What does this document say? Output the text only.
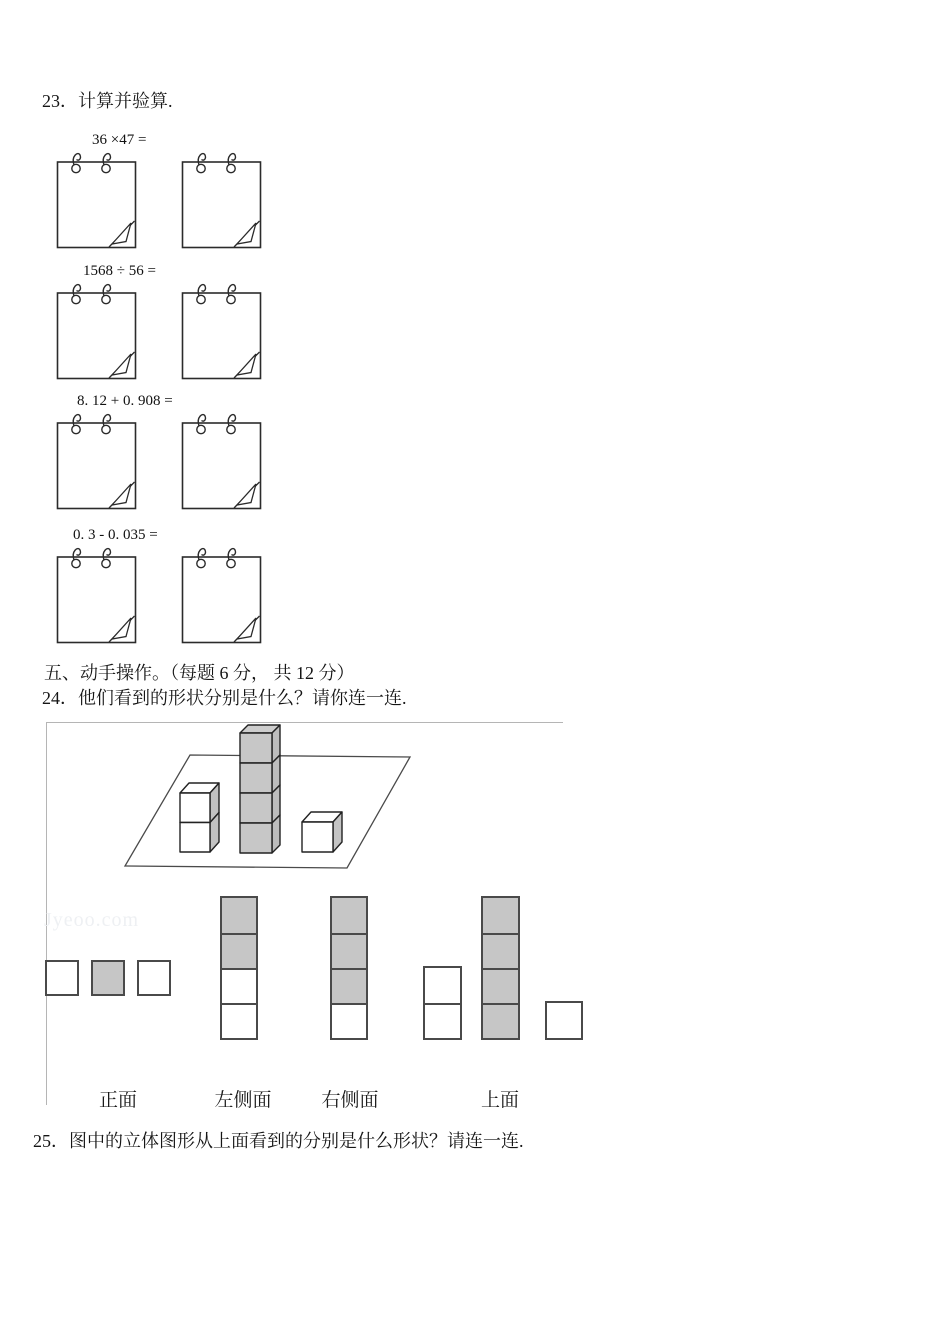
23．计算并验算.
36 ×47 =
1568 ÷ 56 =
8. 12 + 0. 908 =
0. 3 - 0. 035 =
五、动手操作。（每题 6 分， 共 12 分）
24．他们看到的形状分别是什么？请你连一连.
Jyeoo.com
正面	左侧面	右侧面	上面
25．图中的立体图形从上面看到的分别是什么形状？请连一连.
